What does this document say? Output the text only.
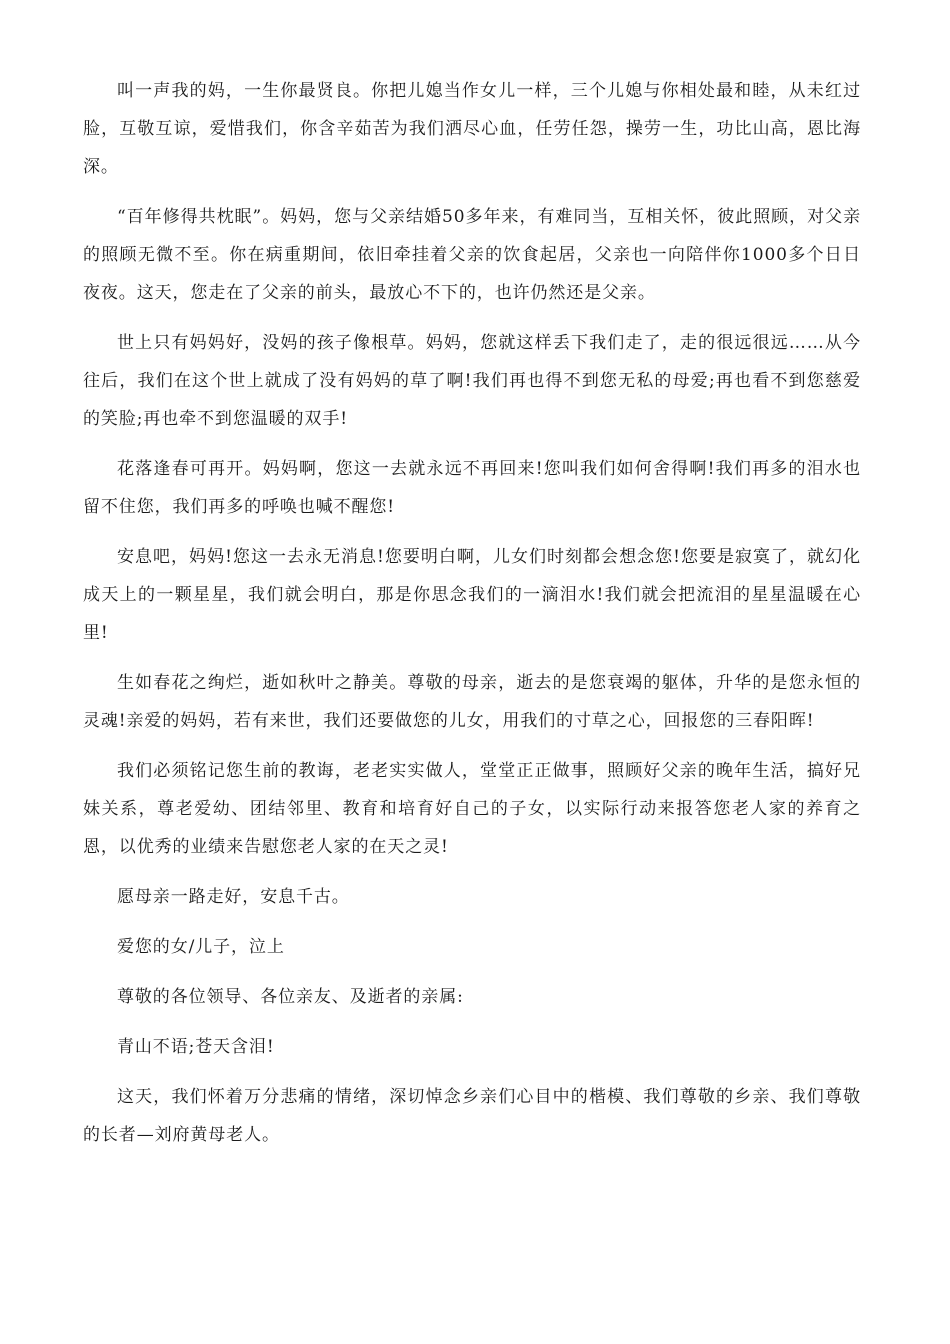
叫一声我的妈，一生你最贤良。你把儿媳当作女儿一样，三个儿媳与你相处最和睦，从未红过脸，互敬互谅，爱惜我们，你含辛茹苦为我们洒尽心血，任劳任怨，操劳一生，功比山高，恩比海深。

“百年修得共枕眠”。妈妈，您与父亲结婚50多年来，有难同当，互相关怀，彼此照顾，对父亲的照顾无微不至。你在病重期间，依旧牵挂着父亲的饮食起居，父亲也一向陪伴你1000多个日日夜夜。这天，您走在了父亲的前头，最放心不下的，也许仍然还是父亲。

世上只有妈妈好，没妈的孩子像根草。妈妈，您就这样丢下我们走了，走的很远很远……从今往后，我们在这个世上就成了没有妈妈的草了啊!我们再也得不到您无私的母爱;再也看不到您慈爱的笑脸;再也牵不到您温暖的双手!

花落逢春可再开。妈妈啊，您这一去就永远不再回来!您叫我们如何舍得啊!我们再多的泪水也留不住您，我们再多的呼唤也喊不醒您!

安息吧，妈妈!您这一去永无消息!您要明白啊，儿女们时刻都会想念您!您要是寂寞了，就幻化成天上的一颗星星，我们就会明白，那是你思念我们的一滴泪水!我们就会把流泪的星星温暖在心里!

生如春花之绚烂，逝如秋叶之静美。尊敬的母亲，逝去的是您衰竭的躯体，升华的是您永恒的灵魂!亲爱的妈妈，若有来世，我们还要做您的儿女，用我们的寸草之心，回报您的三春阳晖!

我们必须铭记您生前的教诲，老老实实做人，堂堂正正做事，照顾好父亲的晚年生活，搞好兄妹关系，尊老爱幼、团结邻里、教育和培育好自己的子女，以实际行动来报答您老人家的养育之恩，以优秀的业绩来告慰您老人家的在天之灵!

愿母亲一路走好，安息千古。

爱您的女/儿子，泣上

尊敬的各位领导、各位亲友、及逝者的亲属:

青山不语;苍天含泪!

这天，我们怀着万分悲痛的情绪，深切悼念乡亲们心目中的楷模、我们尊敬的乡亲、我们尊敬的长者—刘府黄母老人。
